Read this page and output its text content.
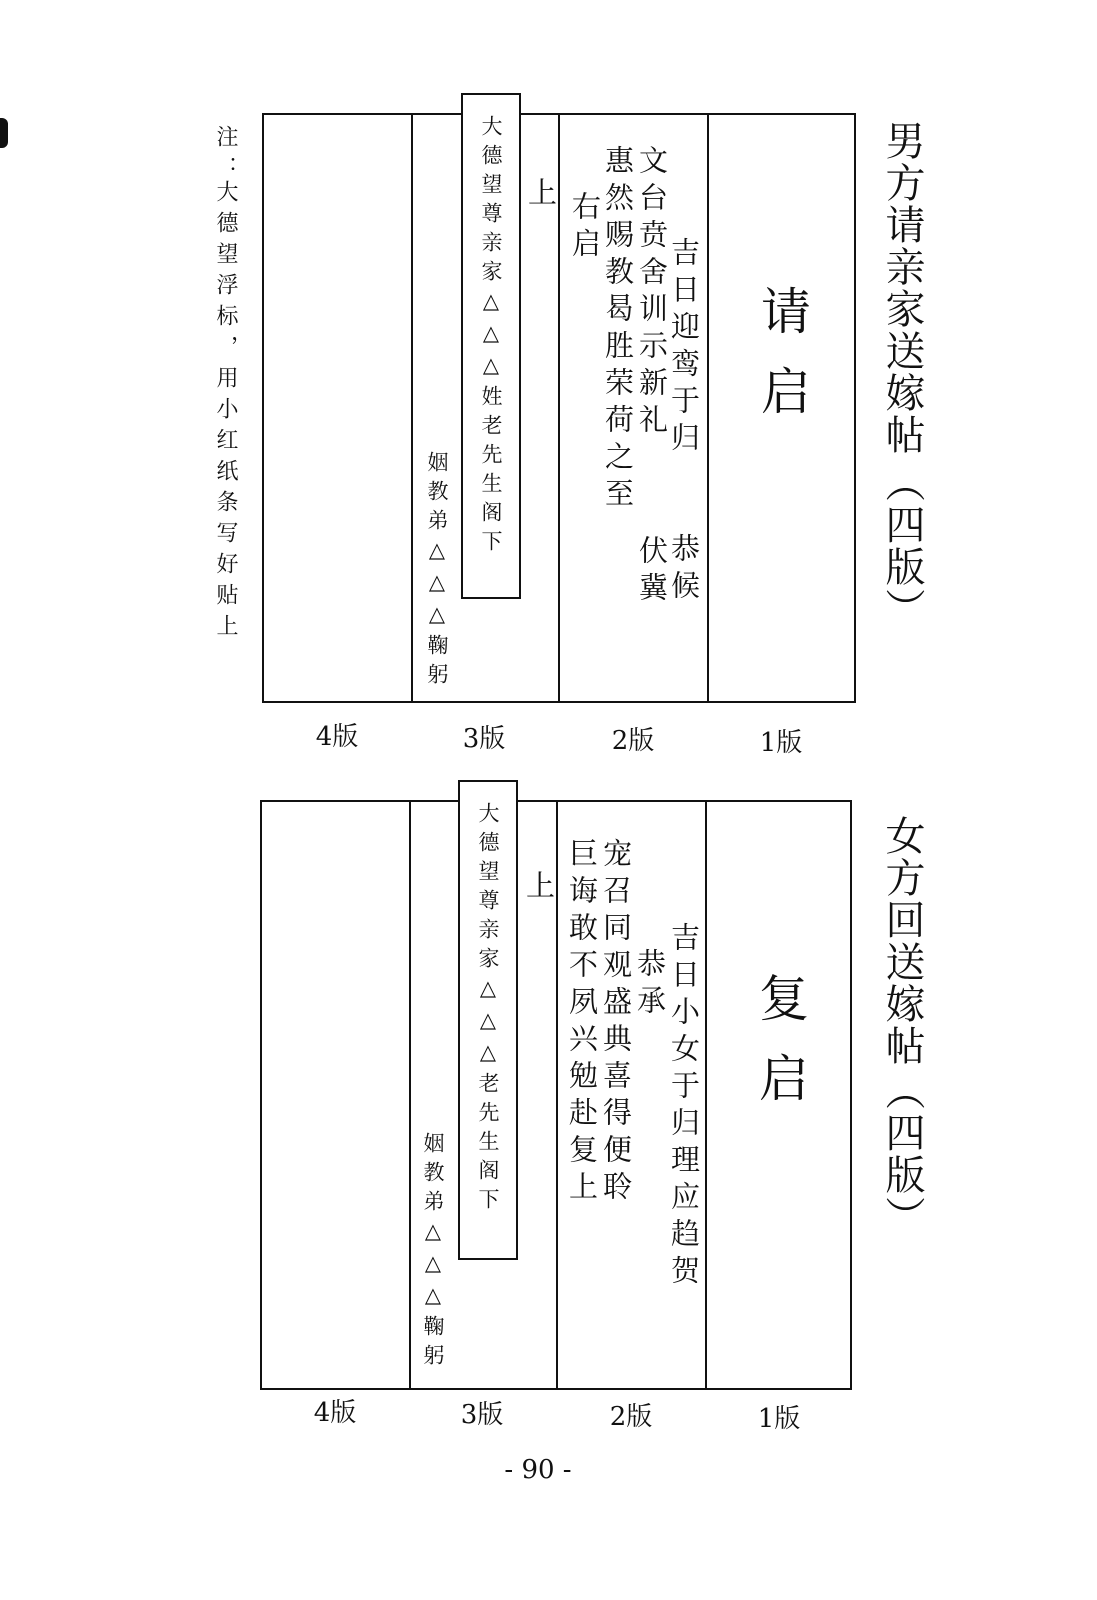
注：
大德望浮标，用小红纸条写好贴上	男方请亲家送嫁帖
（四版）
请
启
吉日迎鸾于归
恭候
文台贲舍训示新礼
伏冀
惠然赐教曷胜荣荷之至
右启
上
姻教弟△△△鞠躬
大德望尊亲家△△△姓老先生阁下
4版	3版	2版	1版
女方回送嫁帖
（四版）
复
启
吉日小女于归理应趋贺
恭承
宠召同观盛典喜得便聆
巨诲敢不夙兴勉赴复上
上
姻教弟△△△鞠躬
大德望尊亲家△△△老先生阁下
4版	3版	2版	1版
- 90 -
